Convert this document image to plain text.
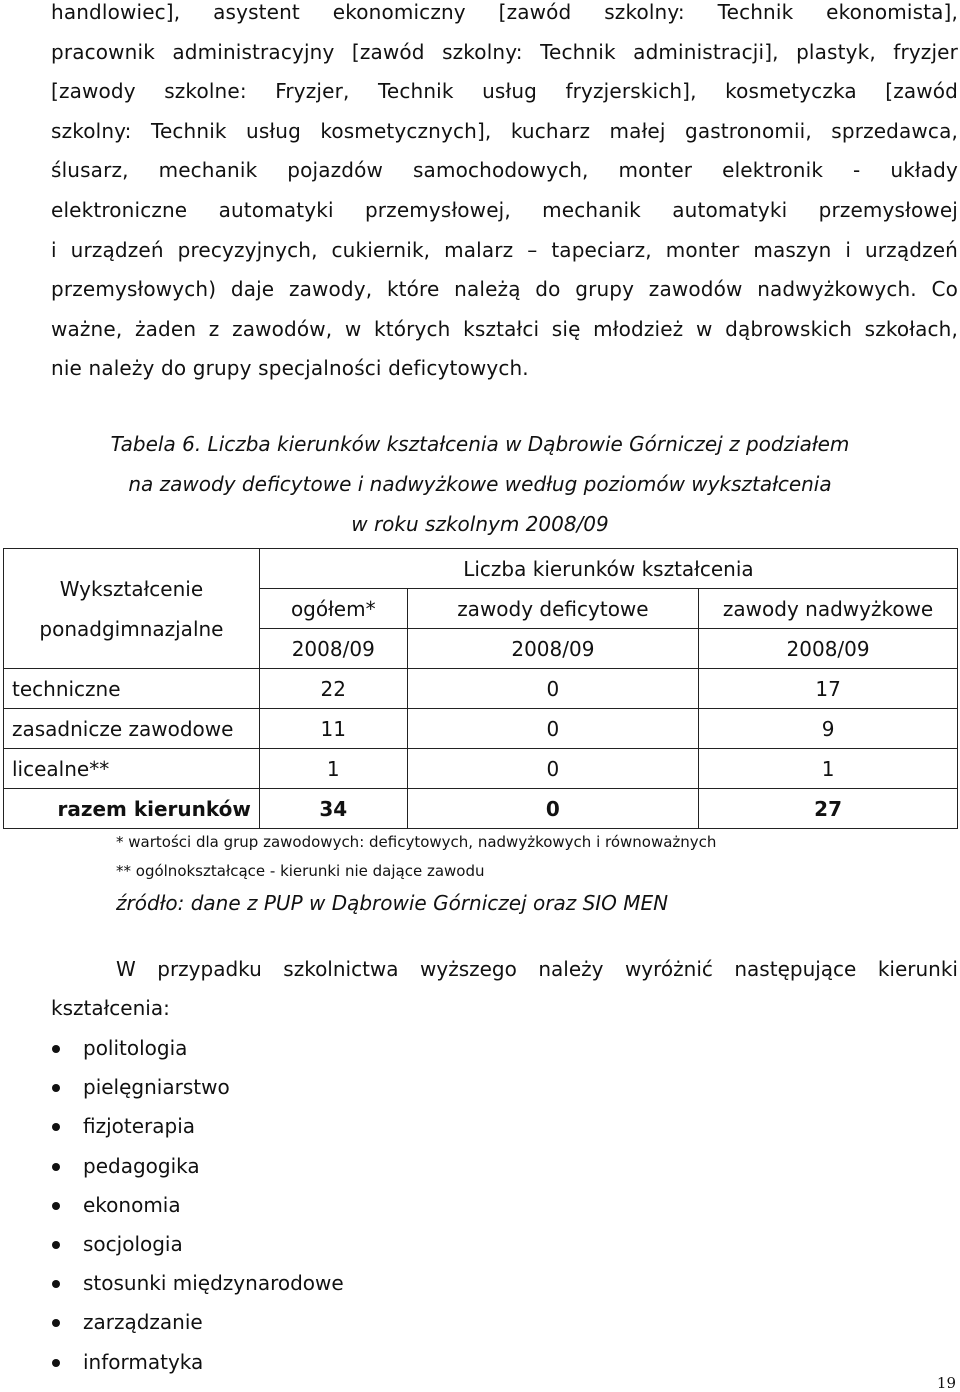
handlowiec], asystent ekonomiczny [zawód szkolny: Technik ekonomista],
pracownik administracyjny [zawód szkolny: Technik administracji], plastyk, fryzjer
[zawody szkolne: Fryzjer, Technik usług fryzjerskich], kosmetyczka [zawód
szkolny: Technik usług kosmetycznych], kucharz małej gastronomii, sprzedawca,
ślusarz, mechanik pojazdów samochodowych, monter elektronik - układy
elektroniczne automatyki przemysłowej, mechanik automatyki przemysłowej
i urządzeń precyzyjnych, cukiernik, malarz – tapeciarz, monter maszyn i urządzeń
przemysłowych) daje zawody, które należą do grupy zawodów nadwyżkowych. Co
ważne, żaden z zawodów, w których kształci się młodzież w dąbrowskich szkołach,
nie należy do grupy specjalności deficytowych.
Tabela 6. Liczba kierunków kształcenia w Dąbrowie Górniczej z podziałem
na zawody deficytowe i nadwyżkowe według poziomów wykształcenia
w roku szkolnym 2008/09
Wykształcenie
ponadgimnazjalne	Liczba kierunków kształcenia		
	ogółem*	zawody deficytowe	zawody nadwyżkowe
	2008/09	2008/09	2008/09
techniczne	22	0	17
zasadnicze zawodowe	11	0	9
licealne**	1	0	1
razem kierunków	34	0	27
* wartości dla grup zawodowych: deficytowych, nadwyżkowych i równoważnych
** ogólnokształcące - kierunki nie dające zawodu
źródło: dane z PUP w Dąbrowie Górniczej oraz SIO MEN
W przypadku szkolnictwa wyższego należy wyróżnić następujące kierunki
kształcenia:
politologia
pielęgniarstwo
fizjoterapia
pedagogika
ekonomia
socjologia
stosunki międzynarodowe
zarządzanie
informatyka
19
